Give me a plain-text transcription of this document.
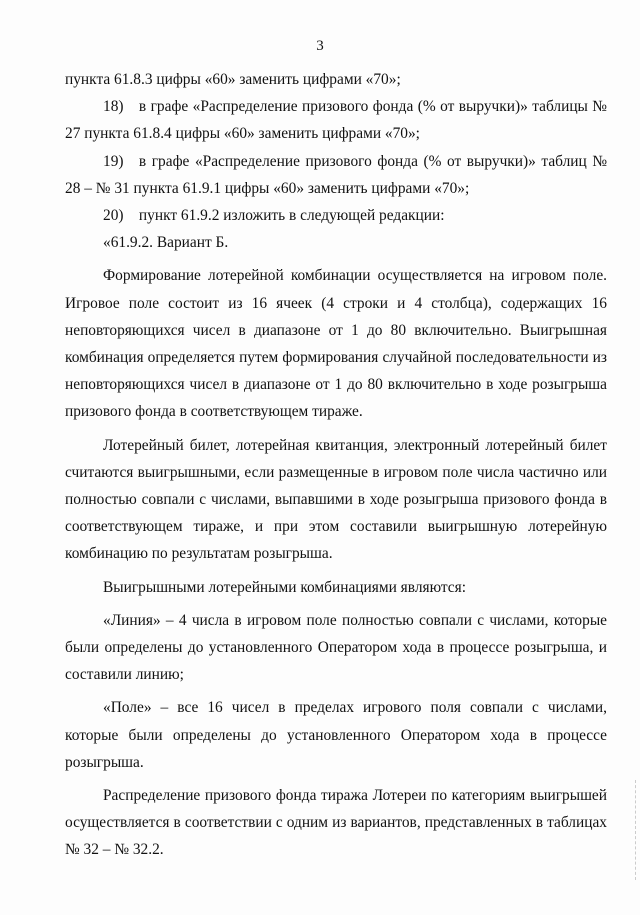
3

пункта 61.8.3 цифры «60» заменить цифрами «70»;

18) в графе «Распределение призового фонда (% от выручки)» таблицы № 27 пункта 61.8.4 цифры «60» заменить цифрами «70»;

19) в графе «Распределение призового фонда (% от выручки)» таблиц № 28 – № 31 пункта 61.9.1 цифры «60» заменить цифрами «70»;

20) пункт 61.9.2 изложить в следующей редакции:

«61.9.2. Вариант Б.

Формирование лотерейной комбинации осуществляется на игровом поле. Игровое поле состоит из 16 ячеек (4 строки и 4 столбца), содержащих 16 неповторяющихся чисел в диапазоне от 1 до 80 включительно. Выигрышная комбинация определяется путем формирования случайной последовательности из неповторяющихся чисел в диапазоне от 1 до 80 включительно в ходе розыгрыша призового фонда в соответствующем тираже.

Лотерейный билет, лотерейная квитанция, электронный лотерейный билет считаются выигрышными, если размещенные в игровом поле числа частично или полностью совпали с числами, выпавшими в ходе розыгрыша призового фонда в соответствующем тираже, и при этом составили выигрышную лотерейную комбинацию по результатам розыгрыша.

Выигрышными лотерейными комбинациями являются:

«Линия» – 4 числа в игровом поле полностью совпали с числами, которые были определены до установленного Оператором хода в процессе розыгрыша, и составили линию;

«Поле» – все 16 чисел в пределах игрового поля совпали с числами, которые были определены до установленного Оператором хода в процессе розыгрыша.

Распределение призового фонда тиража Лотереи по категориям выигрышей осуществляется в соответствии с одним из вариантов, представленных в таблицах № 32 – № 32.2.
